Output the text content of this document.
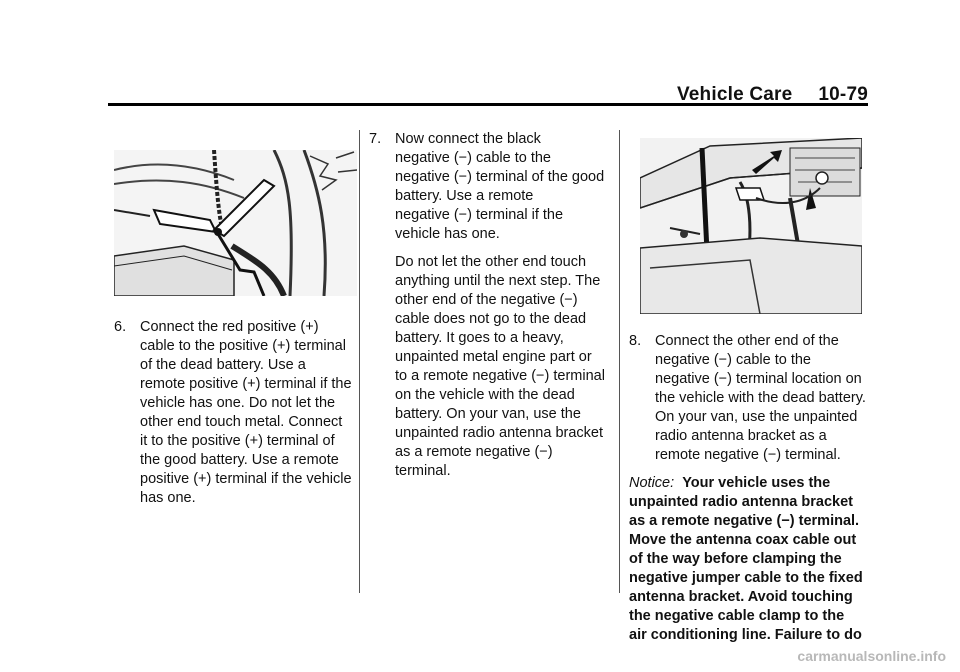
Vehicle Care 10-79
6. Connect the red positive (+)
cable to the positive (+) terminal
of the dead battery. Use a
remote positive (+) terminal if the
vehicle has one. Do not let the
other end touch metal. Connect
it to the positive (+) terminal of
the good battery. Use a remote
positive (+) terminal if the vehicle
has one.
7. Now connect the black
negative (−) cable to the
negative (−) terminal of the good
battery. Use a remote
negative (−) terminal if the
vehicle has one.
Do not let the other end touch
anything until the next step. The
other end of the negative (−)
cable does not go to the dead
battery. It goes to a heavy,
unpainted metal engine part or
to a remote negative (−) terminal
on the vehicle with the dead
battery. On your van, use the
unpainted radio antenna bracket
as a remote negative (−)
terminal.
8. Connect the other end of the
negative (−) cable to the
negative (−) terminal location on
the vehicle with the dead battery.
On your van, use the unpainted
radio antenna bracket as a
remote negative (−) terminal.
Notice: Your vehicle uses the
unpainted radio antenna bracket
as a remote negative (−) terminal.
Move the antenna coax cable out
of the way before clamping the
negative jumper cable to the fixed
antenna bracket. Avoid touching
the negative cable clamp to the
air conditioning line. Failure to do
carmanualsonline.info
